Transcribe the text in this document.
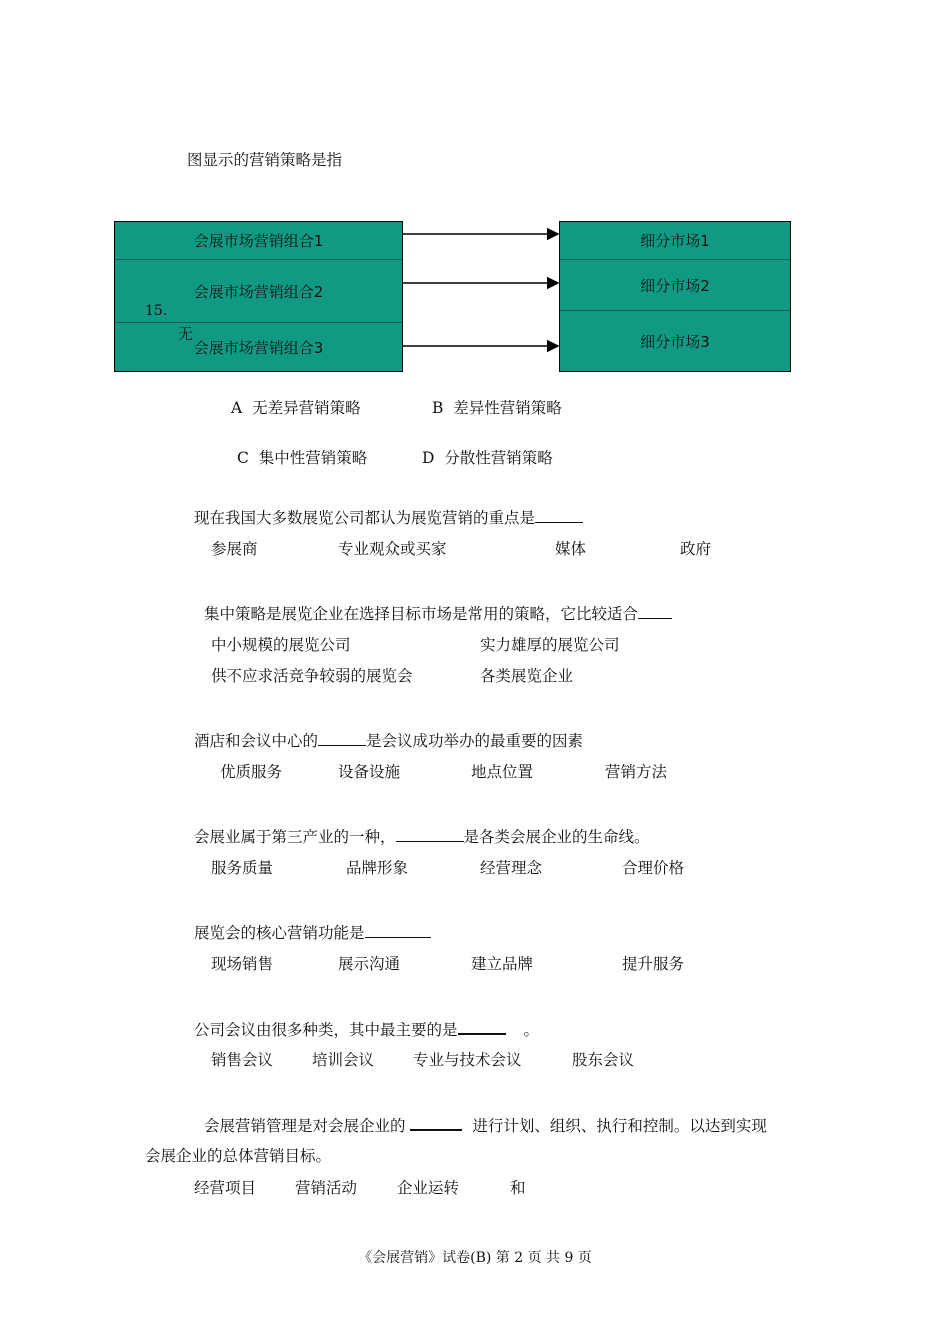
图显示的营销策略是指
会展市场营销组合1
会展市场营销组合2
会展市场营销组合3
细分市场1
细分市场2
细分市场3
15.
无
A 无差异营销策略	B 差异性营销策略
C 集中性营销策略	D 分散性营销策略
现在我国大多数展览公司都认为展览营销的重点是
参展商	专业观众或买家	媒体	政府
集中策略是展览企业在选择目标市场是常用的策略，它比较适合
中小规模的展览公司	实力雄厚的展览公司
供不应求活竞争较弱的展览会	各类展览企业
酒店和会议中心的	是会议成功举办的最重要的因素
优质服务	设备设施	地点位置	营销方法
会展业属于第三产业的一种，	是各类会展企业的生命线。
服务质量	品牌形象	经营理念	合理价格
展览会的核心营销功能是
现场销售	展示沟通	建立品牌	提升服务
公司会议由很多种类，其中最主要的是	。
销售会议	培训会议	专业与技术会议	股东会议
会展营销管理是对会展企业的	进行计划、组织、执行和控制。以达到实现
会展企业的总体营销目标。
经营项目	营销活动	企业运转	和
《会展营销》试卷(B) 第 2 页 共 9 页
